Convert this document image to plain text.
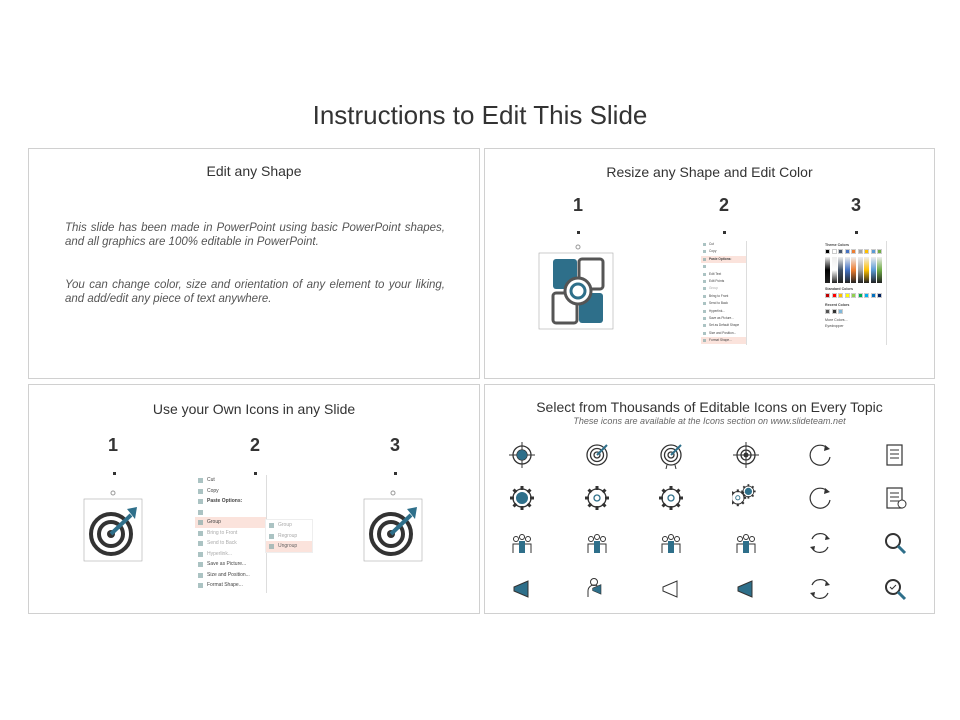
Instructions to Edit This Slide
Edit any Shape
This slide has been made in PowerPoint using basic PowerPoint shapes, and all graphics are 100% editable in PowerPoint.
You can change color, size and orientation of any element to your liking, and add/edit any piece of text anywhere.
Resize any Shape and Edit Color
1	2	3
Cut
Copy
Paste Options:
Edit Text
Edit Points
Group
Bring to Front
Send to Back
Hyperlink...
Save as Picture...
Set as Default Shape
Size and Position...
Format Shape...
Theme Colors
Standard Colors
Recent Colors
More Colors...
Eyedropper
Use your Own Icons in any Slide
1	2	3
Cut
Copy
Paste Options:
Group
Bring to Front
Send to Back
Hyperlink...
Save as Picture...
Size and Position...
Format Shape...
Group
Regroup
Ungroup
Select from Thousands of Editable Icons on Every Topic
These icons are available at the Icons section on www.slideteam.net
